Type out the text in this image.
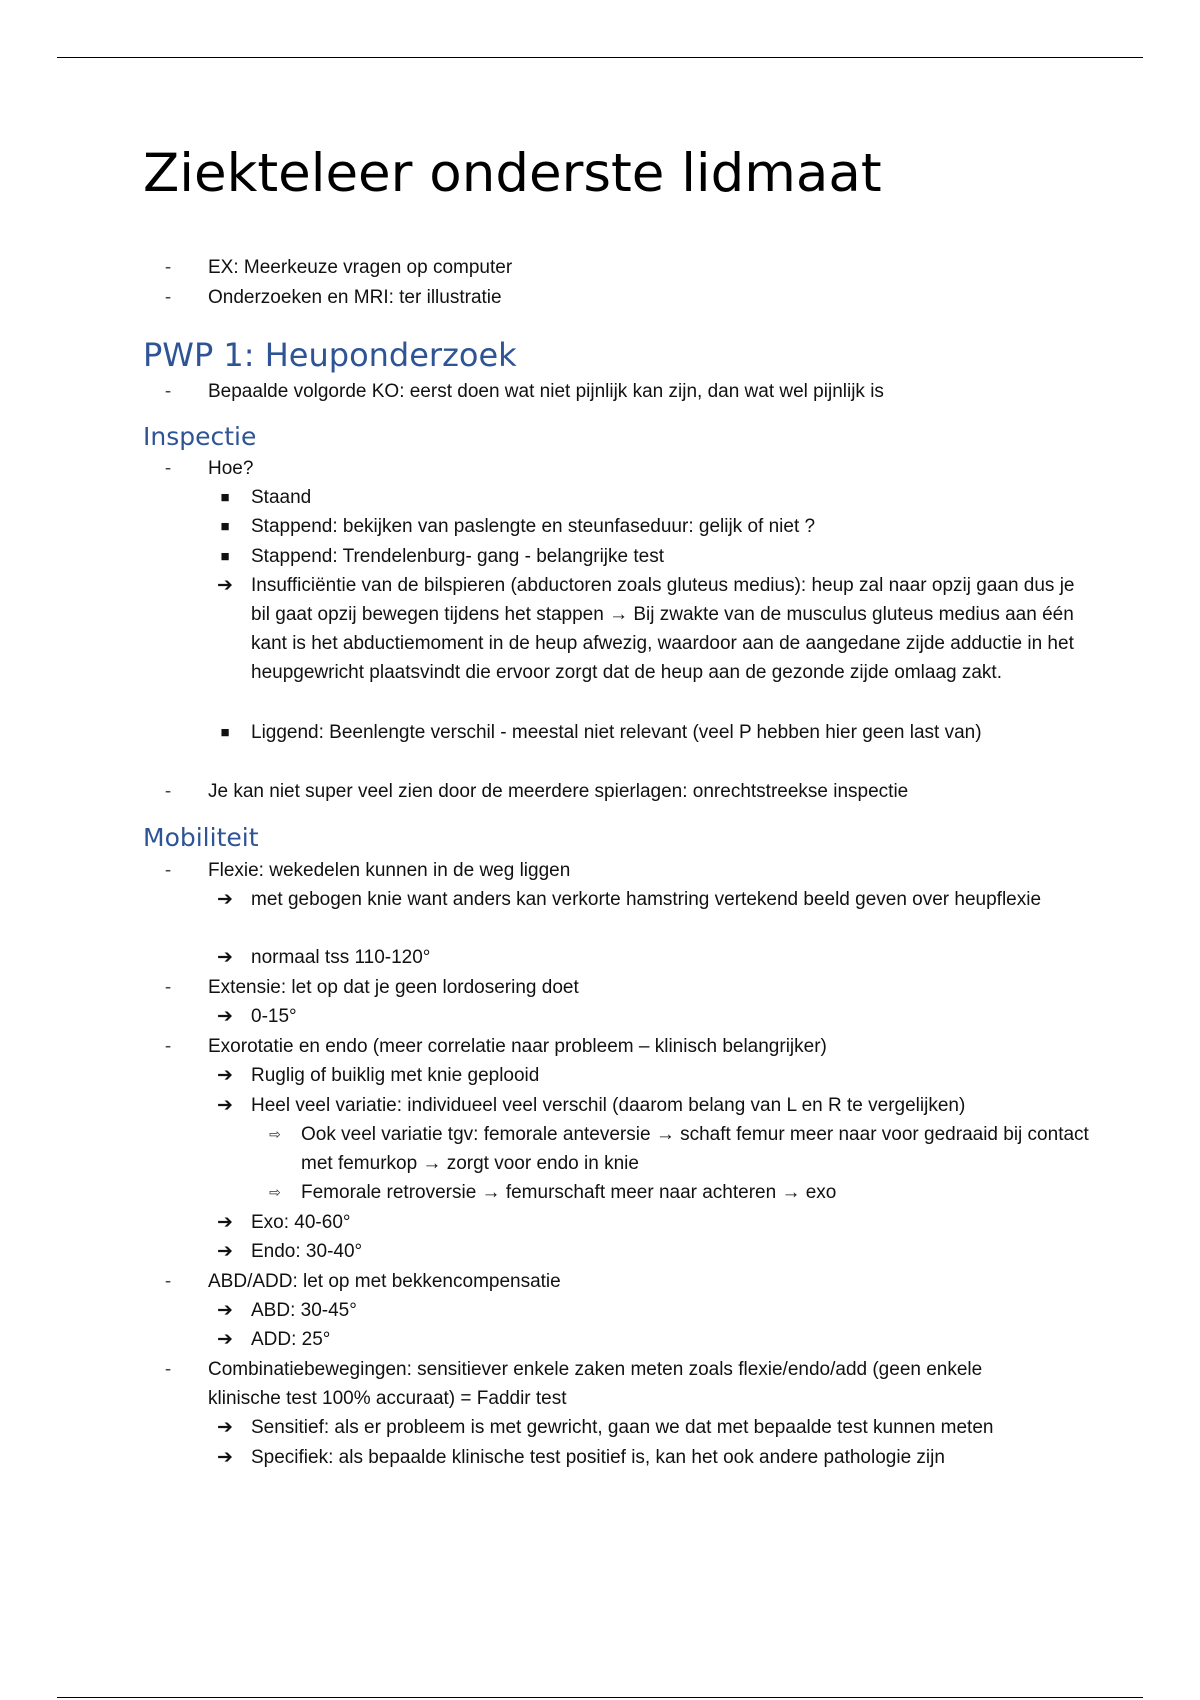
Ziekteleer onderste lidmaat
-	EX: Meerkeuze vragen op computer
-	Onderzoeken en MRI: ter illustratie
PWP 1: Heuponderzoek
-	Bepaalde volgorde KO: eerst doen wat niet pijnlijk kan zijn, dan wat wel pijnlijk is
Inspectie
-	Hoe?
■ Staand
■ Stappend: bekijken van paslengte en steunfaseduur: gelijk of niet ?
■ Stappend: Trendelenburg- gang - belangrijke test
➔ Insufficiëntie van de bilspieren (abductoren zoals gluteus medius): heup zal naar opzij gaan dus je bil gaat opzij bewegen tijdens het stappen → Bij zwakte van de musculus gluteus medius aan één kant is het abductiemoment in de heup afwezig, waardoor aan de aangedane zijde adductie in het heupgewricht plaatsvindt die ervoor zorgt dat de heup aan de gezonde zijde omlaag zakt.
■ Liggend: Beenlengte verschil - meestal niet relevant (veel P hebben hier geen last van)
-	Je kan niet super veel zien door de meerdere spierlagen: onrechtstreekse inspectie
Mobiliteit
-	Flexie: wekedelen kunnen in de weg liggen
➔ met gebogen knie want anders kan verkorte hamstring vertekend beeld geven over heupflexie
➔ normaal tss 110-120°
-	Extensie: let op dat je geen lordosering doet
➔ 0-15°
-	Exorotatie en endo (meer correlatie naar probleem – klinisch belangrijker)
➔ Ruglig of buiklig met knie geplooid
➔ Heel veel variatie: individueel veel verschil (daarom belang van L en R te vergelijken)
⇨ Ook veel variatie tgv: femorale anteversie → schaft femur meer naar voor gedraaid bij contact met femurkop → zorgt voor endo in knie
⇨ Femorale retroversie → femurschaft meer naar achteren → exo
➔ Exo: 40-60°
➔ Endo: 30-40°
-	ABD/ADD: let op met bekkencompensatie
➔ ABD: 30-45°
➔ ADD: 25°
-	Combinatiebewegingen: sensitiever enkele zaken meten zoals flexie/endo/add (geen enkele klinische test 100% accuraat) = Faddir test
➔ Sensitief: als er probleem is met gewricht, gaan we dat met bepaalde test kunnen meten
➔ Specifiek: als bepaalde klinische test positief is, kan het ook andere pathologie zijn
